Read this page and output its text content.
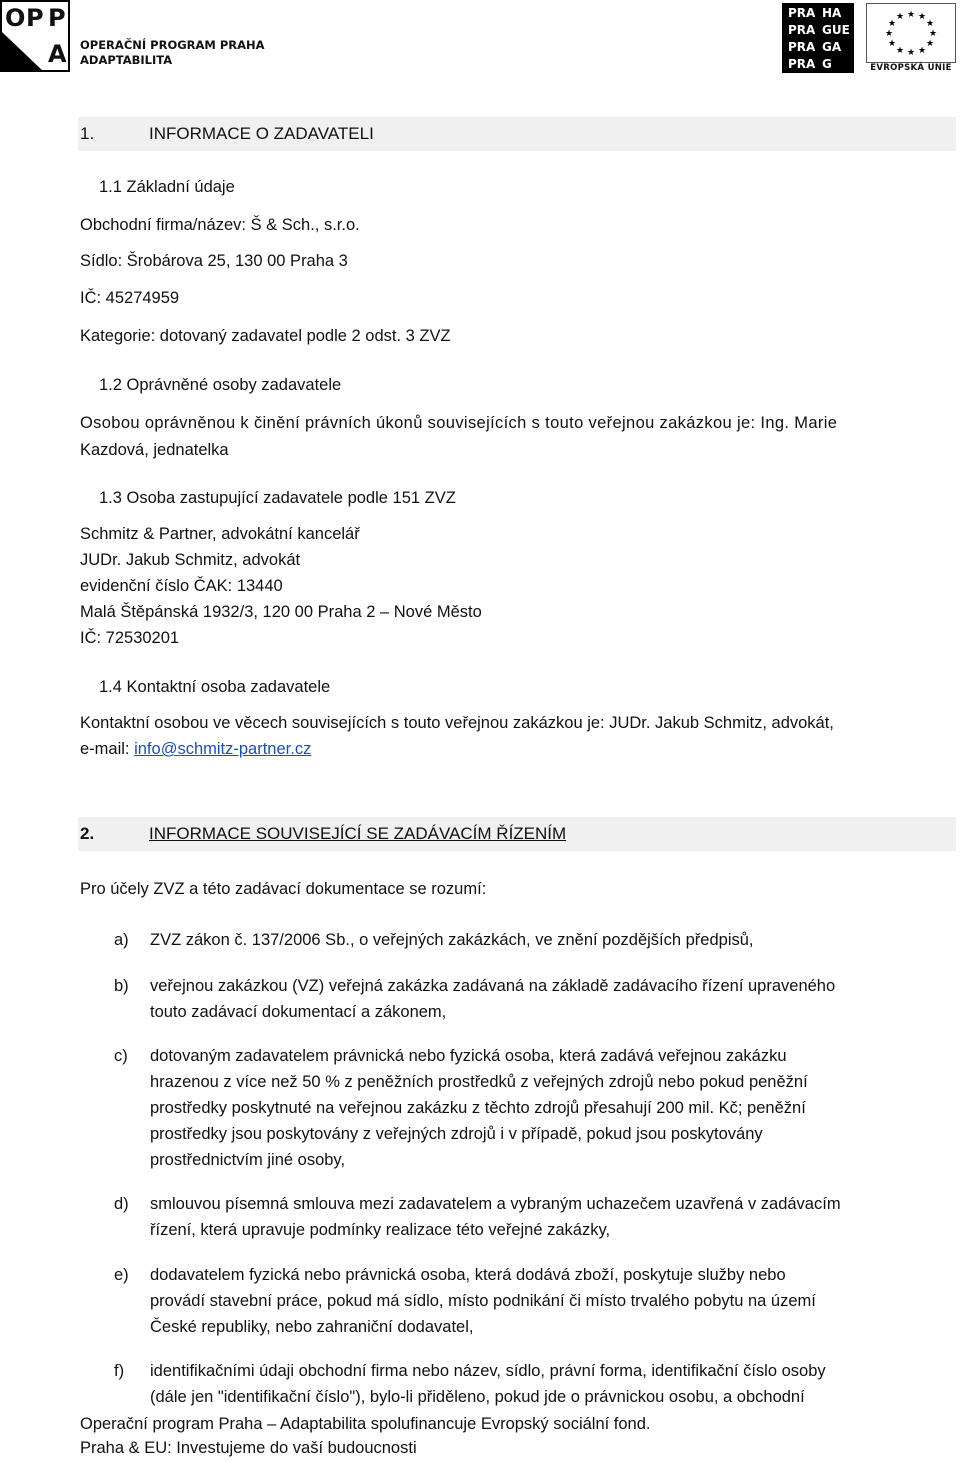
O P P
A OPERAČNÍ PROGRAM PRAHA
ADAPTABILITA
PRA HA
PRA GUE
PRA GA
PRA G
★ ★
★
★
★
★
★
★
★
★
★
★
EVROPSKÁ UNIE
1.	INFORMACE O ZADAVATELI
1.1 Základní údaje
Obchodní firma/název: Š & Sch., s.r.o.
Sídlo: Šrobárova 25, 130 00 Praha 3
IČ: 45274959
Kategorie: dotovaný zadavatel podle 2 odst. 3 ZVZ
1.2 Oprávněné osoby zadavatele
Osobou oprávněnou k činění právních úkonů souvisejících s touto veřejnou zakázkou je: Ing. Marie
Kazdová, jednatelka
1.3 Osoba zastupující zadavatele podle 151 ZVZ
Schmitz & Partner, advokátní kancelář
JUDr. Jakub Schmitz, advokát
evidenční číslo ČAK: 13440
Malá Štěpánská 1932/3, 120 00 Praha 2 – Nové Město
IČ: 72530201
1.4 Kontaktní osoba zadavatele
Kontaktní osobou ve věcech souvisejících s touto veřejnou zakázkou je: JUDr. Jakub Schmitz, advokát,
e-mail: info@schmitz-partner.cz
2.	INFORMACE SOUVISEJÍCÍ SE ZADÁVACÍM ŘÍZENÍM
Pro účely ZVZ a této zadávací dokumentace se rozumí:
a) ZVZ zákon č. 137/2006 Sb., o veřejných zakázkách, ve znění pozdějších předpisů,
b) veřejnou zakázkou (VZ) veřejná zakázka zadávaná na základě zadávacího řízení upraveného
touto zadávací dokumentací a zákonem,
c) dotovaným zadavatelem právnická nebo fyzická osoba, která zadává veřejnou zakázku
hrazenou z více než 50 % z peněžních prostředků z veřejných zdrojů nebo pokud peněžní
prostředky poskytnuté na veřejnou zakázku z těchto zdrojů přesahují 200 mil. Kč; peněžní
prostředky jsou poskytovány z veřejných zdrojů i v případě, pokud jsou poskytovány
prostřednictvím jiné osoby,
d) smlouvou písemná smlouva mezi zadavatelem a vybraným uchazečem uzavřená v zadávacím
řízení, která upravuje podmínky realizace této veřejné zakázky,
e) dodavatelem fyzická nebo právnická osoba, která dodává zboží, poskytuje služby nebo
provádí stavební práce, pokud má sídlo, místo podnikání či místo trvalého pobytu na území
České republiky, nebo zahraniční dodavatel,
f) identifikačními údaji obchodní firma nebo název, sídlo, právní forma, identifikační číslo osoby
(dále jen "identifikační číslo"), bylo-li přiděleno, pokud jde o právnickou osobu, a obchodní
Operační program Praha – Adaptabilita spolufinancuje Evropský sociální fond.
Praha & EU: Investujeme do vaší budoucnosti
